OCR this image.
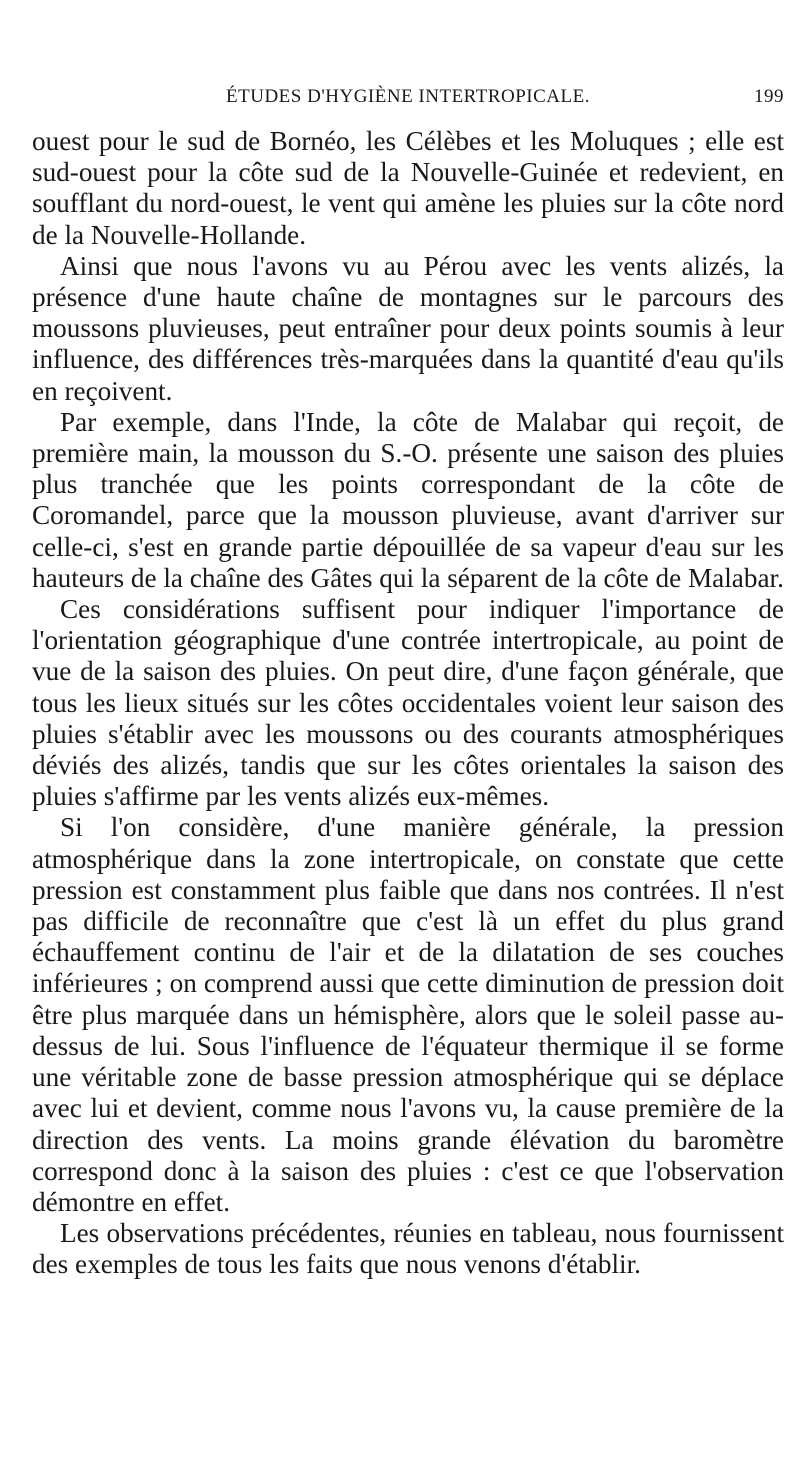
ÉTUDES D'HYGIÈNE INTERTROPICALE.	199

ouest pour le sud de Bornéo, les Célèbes et les Moluques ; elle est sud-ouest pour la côte sud de la Nouvelle-Guinée et redevient, en soufflant du nord-ouest, le vent qui amène les pluies sur la côte nord de la Nouvelle-Hollande.

Ainsi que nous l'avons vu au Pérou avec les vents alizés, la présence d'une haute chaîne de montagnes sur le parcours des moussons pluvieuses, peut entraîner pour deux points soumis à leur influence, des différences très-marquées dans la quantité d'eau qu'ils en reçoivent.

Par exemple, dans l'Inde, la côte de Malabar qui reçoit, de première main, la mousson du S.-O. présente une saison des pluies plus tranchée que les points correspondant de la côte de Coromandel, parce que la mousson pluvieuse, avant d'arriver sur celle-ci, s'est en grande partie dépouillée de sa vapeur d'eau sur les hauteurs de la chaîne des Gâtes qui la séparent de la côte de Malabar.

Ces considérations suffisent pour indiquer l'importance de l'orientation géographique d'une contrée intertropicale, au point de vue de la saison des pluies. On peut dire, d'une façon générale, que tous les lieux situés sur les côtes occidentales voient leur saison des pluies s'établir avec les moussons ou des courants atmosphériques déviés des alizés, tandis que sur les côtes orientales la saison des pluies s'affirme par les vents alizés eux-mêmes.

Si l'on considère, d'une manière générale, la pression atmosphérique dans la zone intertropicale, on constate que cette pression est constamment plus faible que dans nos contrées. Il n'est pas difficile de reconnaître que c'est là un effet du plus grand échauffement continu de l'air et de la dilatation de ses couches inférieures ; on comprend aussi que cette diminution de pression doit être plus marquée dans un hémisphère, alors que le soleil passe au-dessus de lui. Sous l'influence de l'équateur thermique il se forme une véritable zone de basse pression atmosphérique qui se déplace avec lui et devient, comme nous l'avons vu, la cause première de la direction des vents. La moins grande élévation du baromètre correspond donc à la saison des pluies : c'est ce que l'observation démontre en effet.

Les observations précédentes, réunies en tableau, nous fournissent des exemples de tous les faits que nous venons d'établir.
